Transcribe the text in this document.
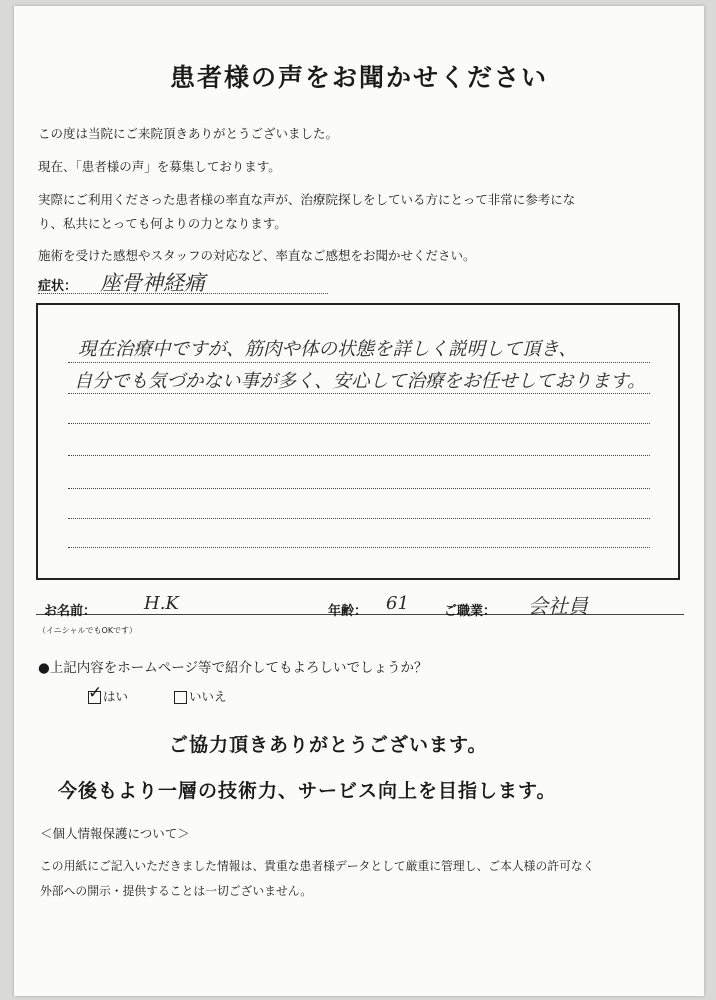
患者様の声をお聞かせください
この度は当院にご来院頂きありがとうございました。
現在、「患者様の声」を募集しております。
実際にご利用くださった患者様の率直な声が、治療院探しをしている方にとって非常に参考にな
り、私共にとっても何よりの力となります。
施術を受けた感想やスタッフの対応など、率直なご感想をお聞かせください。
症状： 座骨神経痛
現在治療中ですが、筋肉や体の状態を詳しく説明して頂き、
自分でも気づかない事が多く、安心して治療をお任せしております。
お名前：	H.K	年齢： 61	ご職業： 会社員
（イニシャルでもOKです）
●上記内容をホームページ等で紹介してもよろしいでしょうか？
✓ はい	いいえ
ご協力頂きありがとうございます。
今後もより一層の技術力、サービス向上を目指します。
＜個人情報保護について＞
この用紙にご記入いただきました情報は、貴重な患者様データとして厳重に管理し、ご本人様の許可なく
外部への開示・提供することは一切ございません。
